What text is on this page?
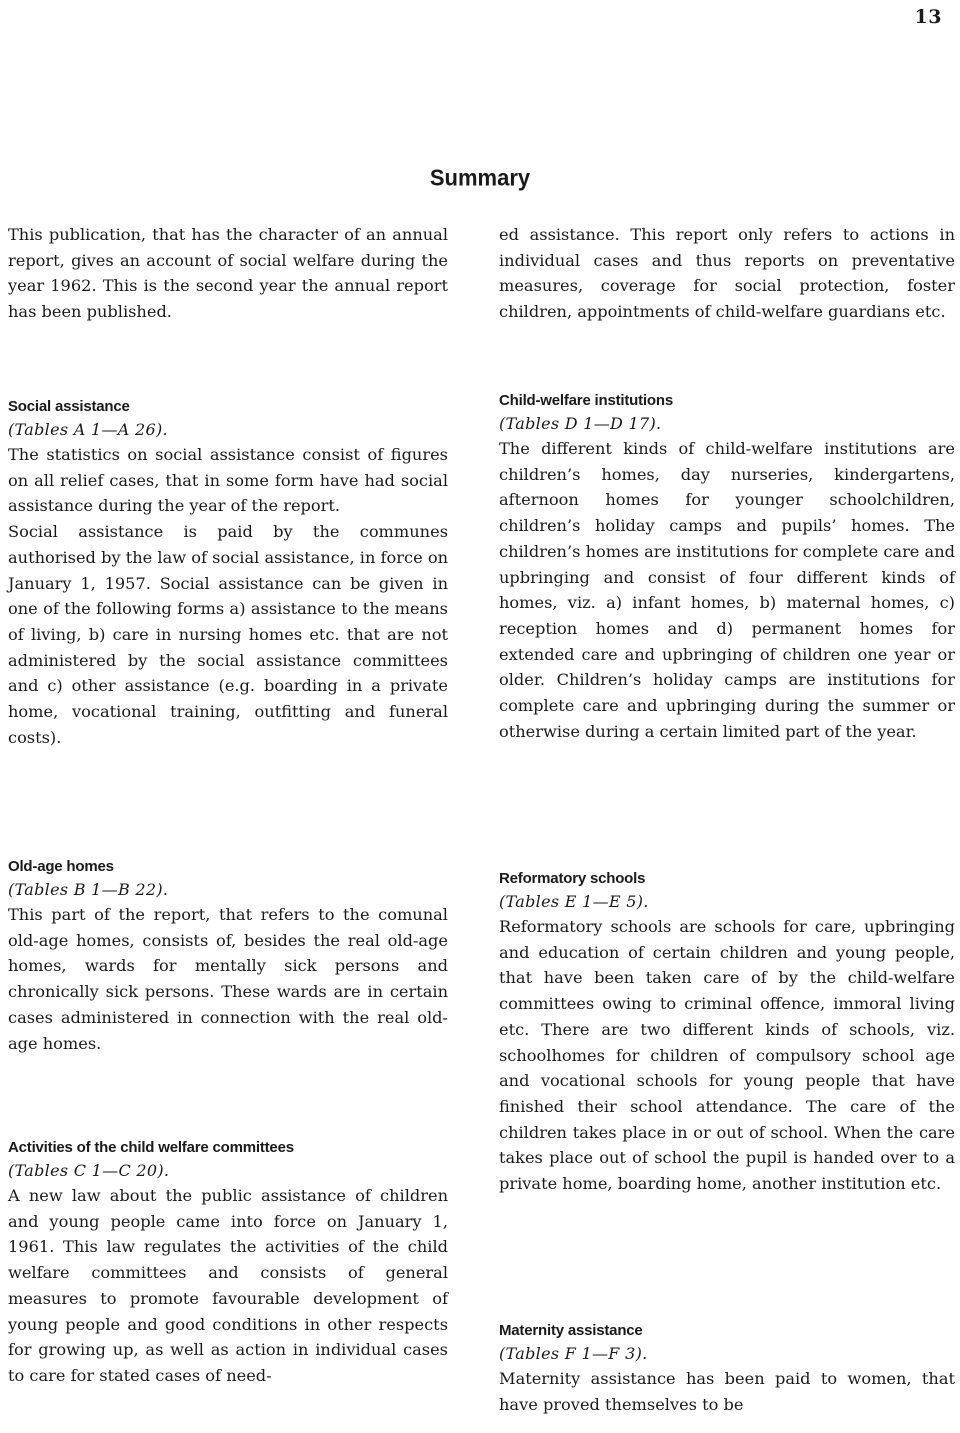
13
Summary

This publication, that has the character of an annual report, gives an account of social welfare during the year 1962. This is the second year the annual report has been published.

Social assistance
(Tables A 1—A 26).

The statistics on social assistance consist of figures on all relief cases, that in some form have had social assistance during the year of the report.

Social assistance is paid by the communes authorised by the law of social assistance, in force on January 1, 1957. Social assistance can be given in one of the following forms a) assistance to the means of living, b) care in nursing homes etc. that are not administered by the social assistance committees and c) other assistance (e.g. boarding in a private home, vocational training, outfitting and funeral costs).

Old-age homes
(Tables B 1—B 22).

This part of the report, that refers to the comunal old-age homes, consists of, besides the real old-age homes, wards for mentally sick persons and chronically sick persons. These wards are in certain cases administered in connection with the real old-age homes.

Activities of the child welfare committees
(Tables C 1—C 20).

A new law about the public assistance of children and young people came into force on January 1, 1961. This law regulates the activities of the child welfare committees and consists of general measures to promote favourable development of young people and good conditions in other respects for growing up, as well as action in individual cases to care for stated cases of need-

ed assistance. This report only refers to actions in individual cases and thus reports on preventative measures, coverage for social protection, foster children, appointments of child-welfare guardians etc.

Child-welfare institutions
(Tables D 1—D 17).

The different kinds of child-welfare institutions are children’s homes, day nurseries, kindergartens, afternoon homes for younger schoolchildren, children’s holiday camps and pupils’ homes. The children’s homes are institutions for complete care and upbringing and consist of four different kinds of homes, viz. a) infant homes, b) maternal homes, c) reception homes and d) permanent homes for extended care and upbringing of children one year or older. Children’s holiday camps are institutions for complete care and upbringing during the summer or otherwise during a certain limited part of the year.

Reformatory schools
(Tables E 1—E 5).

Reformatory schools are schools for care, upbringing and education of certain children and young people, that have been taken care of by the child-welfare committees owing to criminal offence, immoral living etc. There are two different kinds of schools, viz. schoolhomes for children of compulsory school age and vocational schools for young people that have finished their school attendance. The care of the children takes place in or out of school. When the care takes place out of school the pupil is handed over to a private home, boarding home, another institution etc.

Maternity assistance
(Tables F 1—F 3).

Maternity assistance has been paid to women, that have proved themselves to be
